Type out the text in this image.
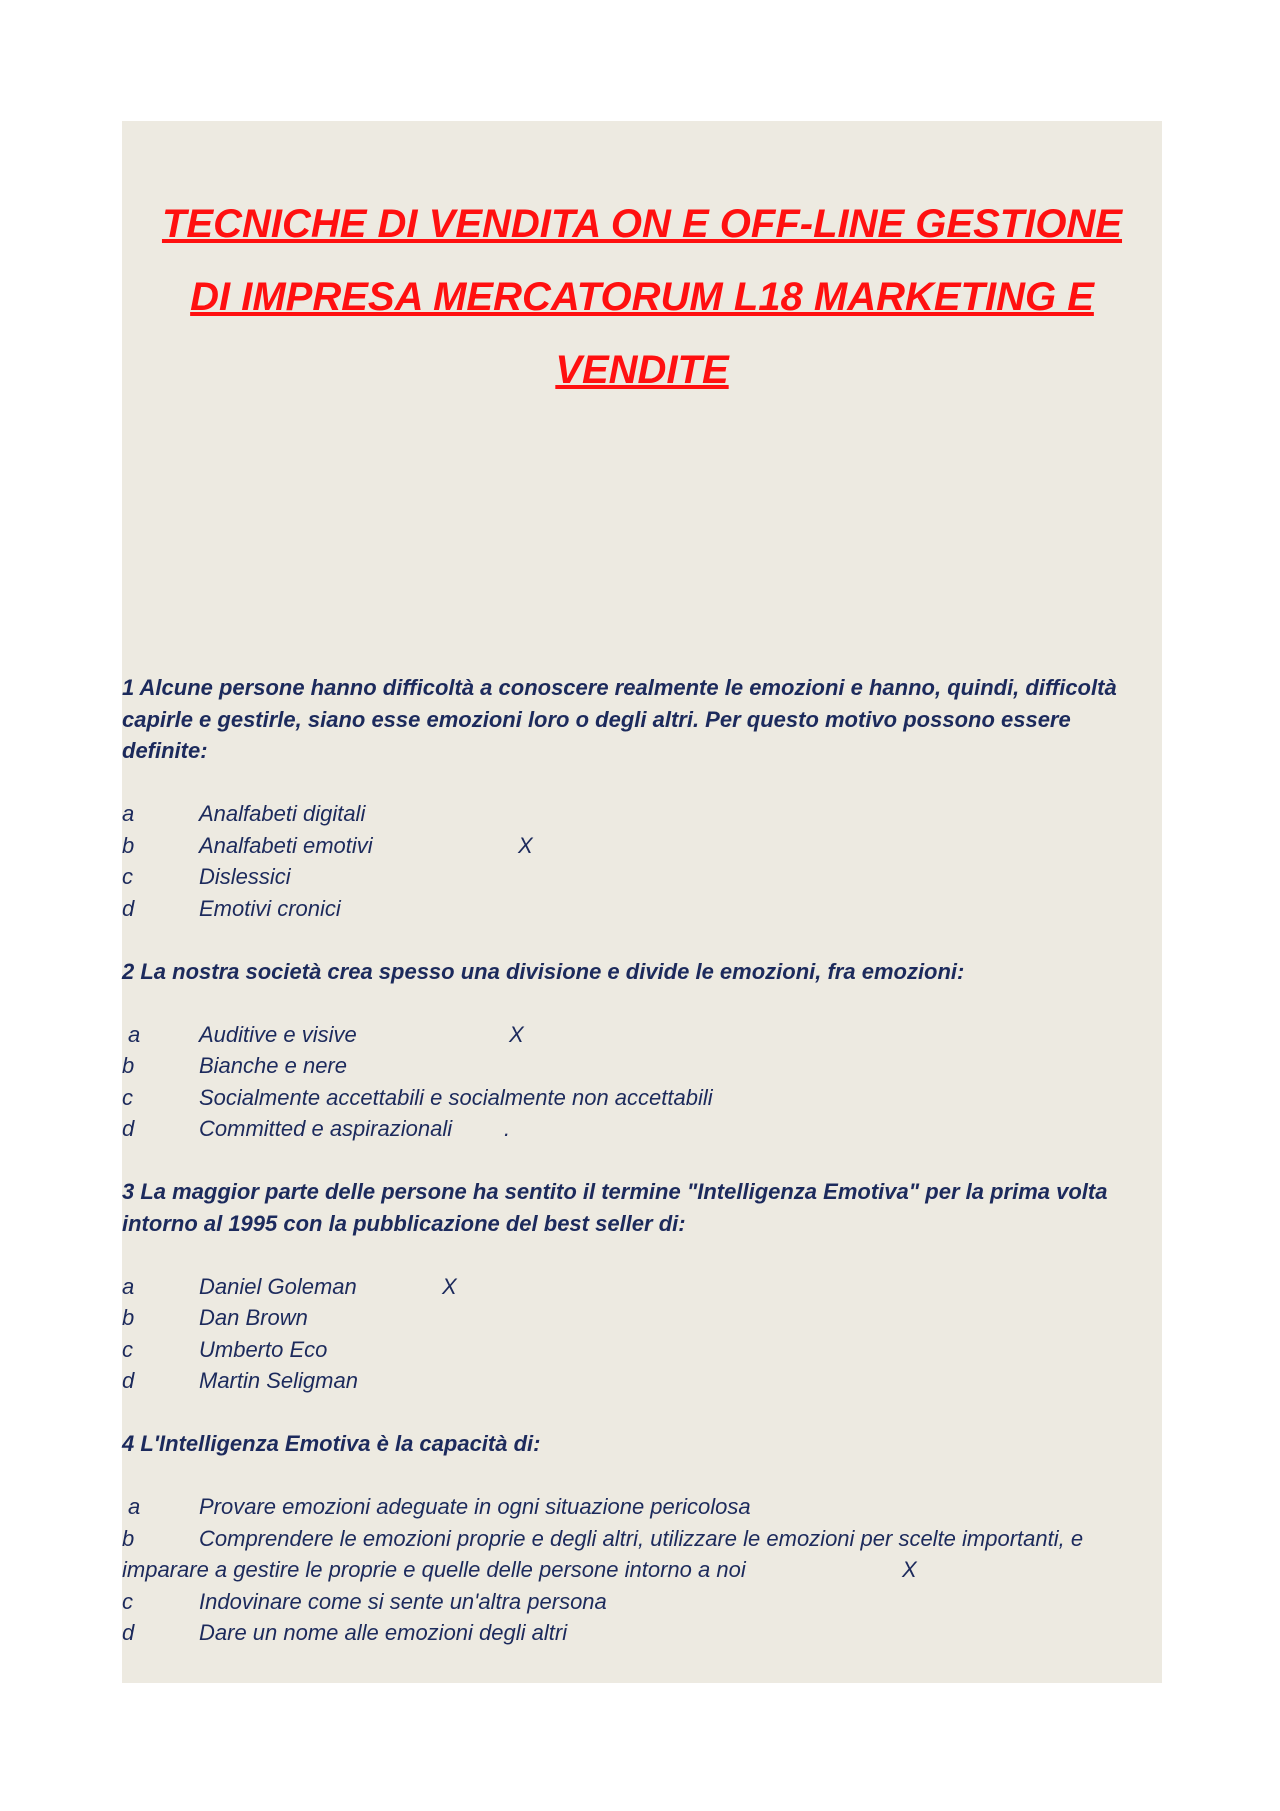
TECNICHE DI VENDITA ON E OFF-LINE GESTIONE
DI IMPRESA MERCATORUM L18 MARKETING E
VENDITE
1 Alcune persone hanno difficoltà a conoscere realmente le emozioni e hanno, quindi, difficoltà
capirle e gestirle, siano esse emozioni loro o degli altri. Per questo motivo possono essere
definite:
a	Analfabeti digitali
b	Analfabeti emotivi	X
c	Dislessici
d	Emotivi cronici
2 La nostra società crea spesso una divisione e divide le emozioni, fra emozioni:
a	Auditive e visive	X
b	Bianche e nere
c	Socialmente accettabili e socialmente non accettabili
d	Committed e aspirazionali .
3 La maggior parte delle persone ha sentito il termine "Intelligenza Emotiva" per la prima volta
intorno al 1995 con la pubblicazione del best seller di:
a	Daniel Goleman	X
b	Dan Brown
c	Umberto Eco
d	Martin Seligman
4 L'Intelligenza Emotiva è la capacità di:
a	Provare emozioni adeguate in ogni situazione pericolosa
b	Comprendere le emozioni proprie e degli altri, utilizzare le emozioni per scelte importanti, e
imparare a gestire le proprie e quelle delle persone intorno a noi	X
c	Indovinare come si sente un'altra persona
d	Dare un nome alle emozioni degli altri
